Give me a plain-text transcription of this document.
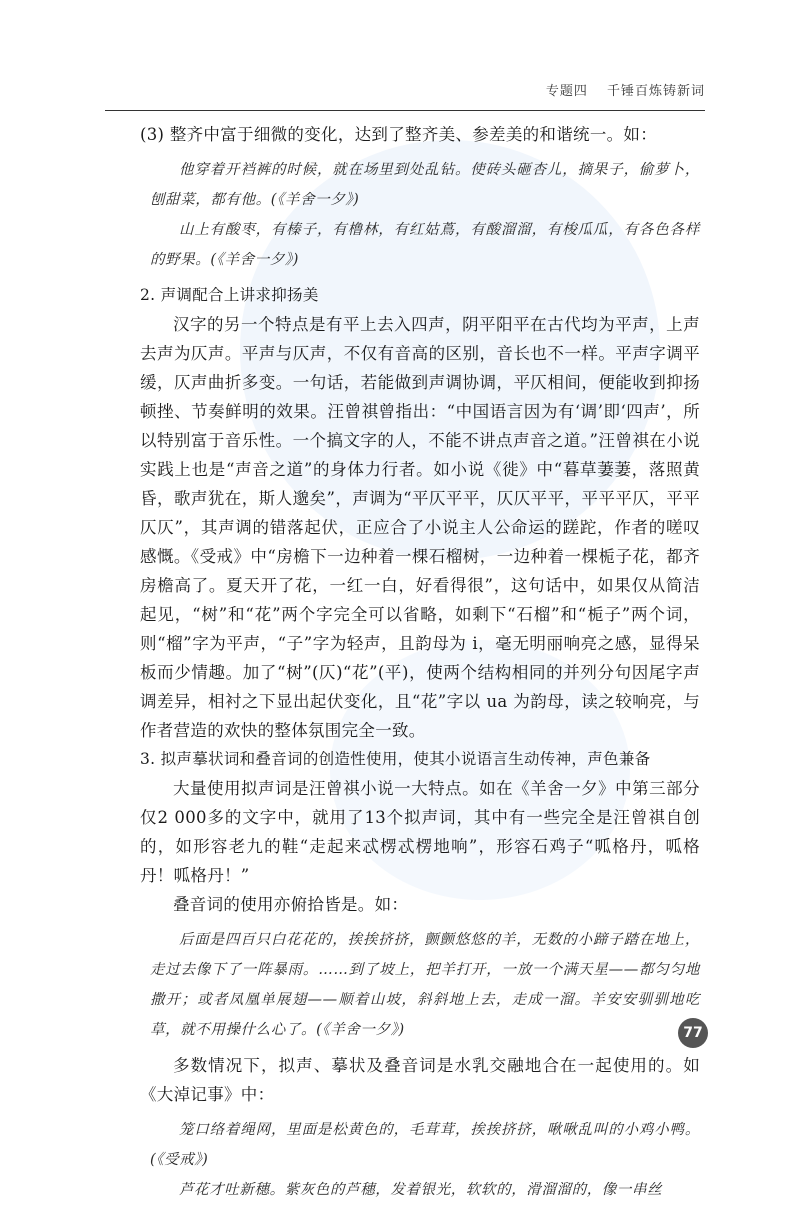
专题四 千锤百炼铸新词

(3) 整齐中富于细微的变化，达到了整齐美、参差美的和谐统一。如：

他穿着开裆裤的时候，就在场里到处乱钻。使砖头砸杏儿，摘果子，偷萝卜，刨甜菜，都有他。(《羊舍一夕》)

山上有酸枣，有榛子，有橹林，有红姑蔦，有酸溜溜，有梭瓜瓜，有各色各样的野果。(《羊舍一夕》)

2. 声调配合上讲求抑扬美

汉字的另一个特点是有平上去入四声，阴平阳平在古代均为平声，上声去声为仄声。平声与仄声，不仅有音高的区别，音长也不一样。平声字调平缓，仄声曲折多变。一句话，若能做到声调协调，平仄相间，便能收到抑扬顿挫、节奏鲜明的效果。汪曾祺曾指出：“中国语言因为有‘调’即‘四声’，所以特别富于音乐性。一个搞文字的人，不能不讲点声音之道。”汪曾祺在小说实践上也是“声音之道”的身体力行者。如小说《徙》中“暮草萋萋，落照黄昏，歌声犹在，斯人邈矣”，声调为“平仄平平，仄仄平平，平平平仄，平平仄仄”，其声调的错落起伏，正应合了小说主人公命运的蹉跎，作者的嗟叹感慨。《受戒》中“房檐下一边种着一棵石榴树，一边种着一棵栀子花，都齐房檐高了。夏天开了花，一红一白，好看得很”，这句话中，如果仅从简洁起见，“树”和“花”两个字完全可以省略，如剩下“石榴”和“栀子”两个词，则“榴”字为平声，“子”字为轻声，且韵母为 i，毫无明丽响亮之感，显得呆板而少情趣。加了“树”(仄)“花”(平)，使两个结构相同的并列分句因尾字声调差异，相衬之下显出起伏变化，且“花”字以 ua 为韵母，读之较响亮，与作者营造的欢快的整体氛围完全一致。

3. 拟声摹状词和叠音词的创造性使用，使其小说语言生动传神，声色兼备

大量使用拟声词是汪曾祺小说一大特点。如在《羊舍一夕》中第三部分仅2 000多的文字中，就用了13个拟声词，其中有一些完全是汪曾祺自创的，如形容老九的鞋“走起来忒楞忒楞地响”，形容石鸡子“呱格丹，呱格丹！呱格丹！”

叠音词的使用亦俯拾皆是。如：

后面是四百只白花花的，挨挨挤挤，颤颤悠悠的羊，无数的小蹄子踏在地上，走过去像下了一阵暴雨。……到了坡上，把羊打开，一放一个满天星——都匀匀地撒开；或者凤凰单展翅——顺着山坡，斜斜地上去，走成一溜。羊安安驯驯地吃草，就不用操什么心了。(《羊舍一夕》)

多数情况下，拟声、摹状及叠音词是水乳交融地合在一起使用的。如《大淖记事》中：

笼口络着绳网，里面是松黄色的，毛茸茸，挨挨挤挤，啾啾乱叫的小鸡小鸭。(《受戒》)

芦花才吐新穗。紫灰色的芦穗，发着银光，软软的，滑溜溜的，像一串丝

77
